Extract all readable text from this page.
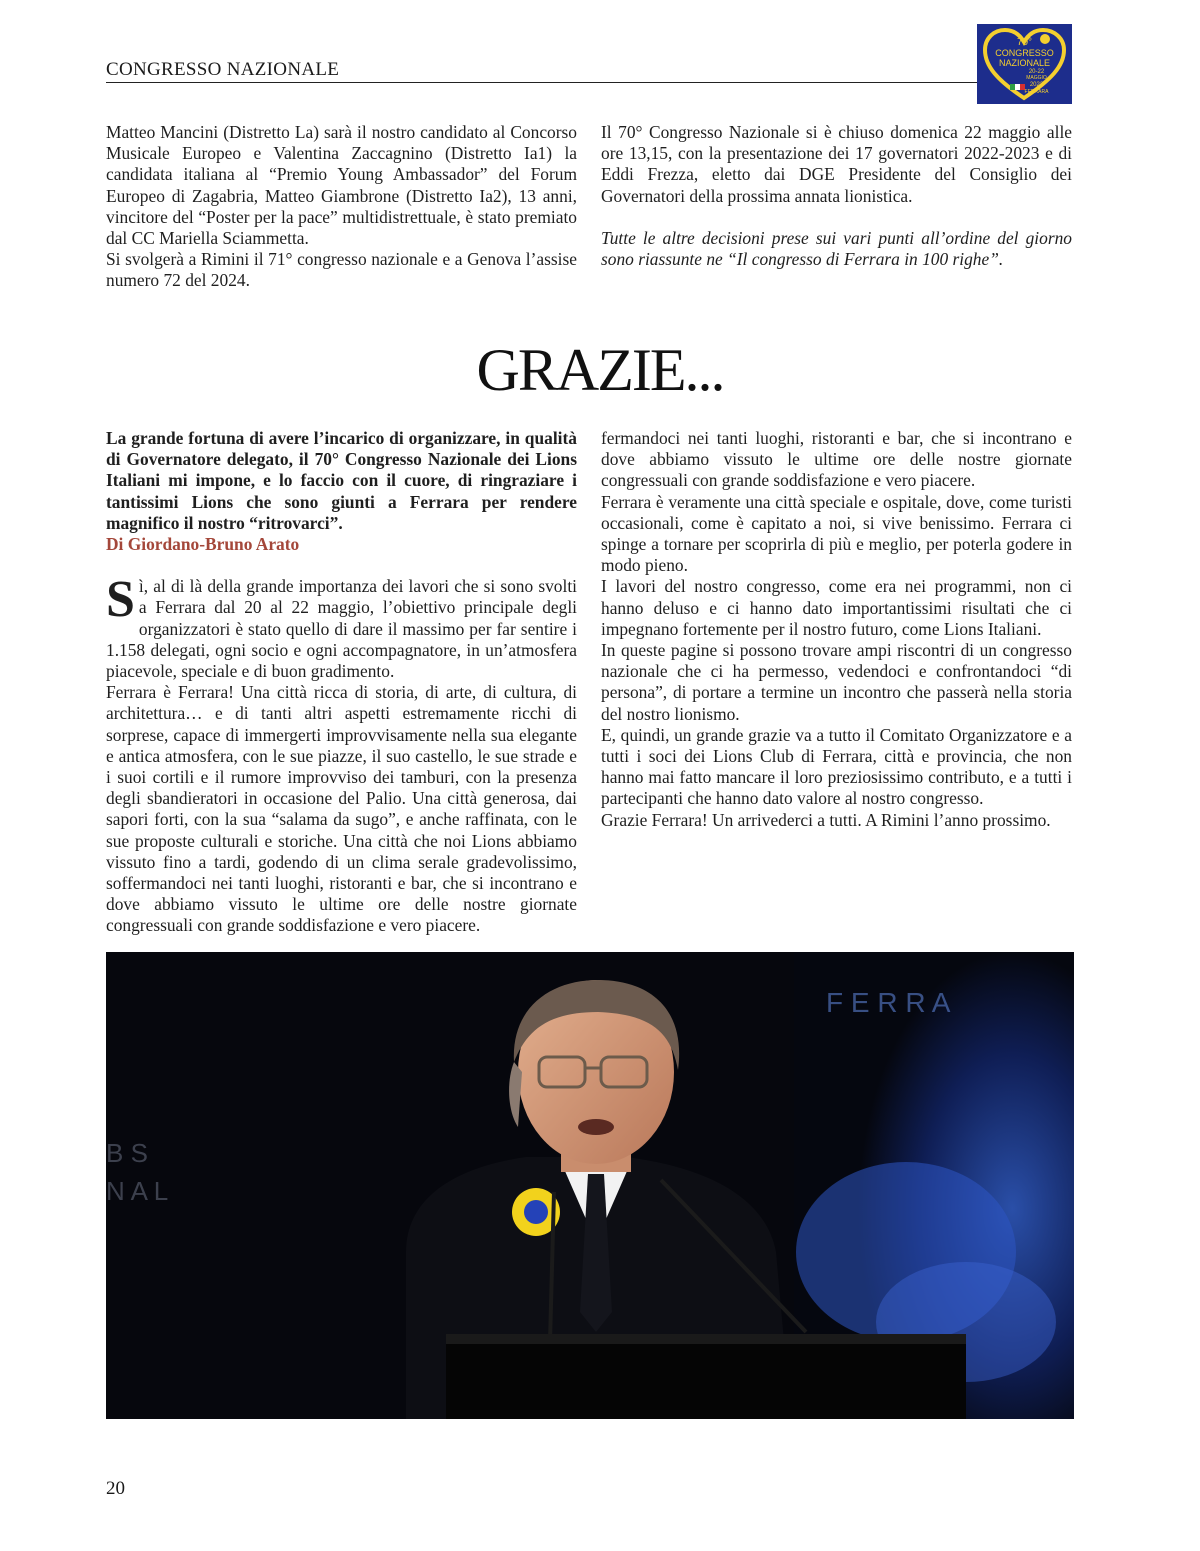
CONGRESSO NAZIONALE
70°
CONGRESSO
NAZIONALE
20-22
MAGGIO
2022
FERRARA

Matteo Mancini (Distretto La) sarà il nostro candidato al Concorso Musicale Europeo e Valentina Zaccagnino (Distretto Ia1) la candidata italiana al “Premio Young Ambassador” del Forum Europeo di Zagabria, Matteo Giambrone (Distretto Ia2), 13 anni, vincitore del “Poster per la pace” multidistrettuale, è stato premiato dal CC Mariella Sciammetta.

Si svolgerà a Rimini il 71° congresso nazionale e a Genova l’assise numero 72 del 2024.

Il 70° Congresso Nazionale si è chiuso domenica 22 maggio alle ore 13,15, con la presentazione dei 17 governatori 2022-2023 e di Eddi Frezza, eletto dai DGE Presidente del Consiglio dei Governatori della prossima annata lionistica.

Tutte le altre decisioni prese sui vari punti all’ordine del giorno sono riassunte ne “Il congresso di Ferrara in 100 righe”.

GRAZIE...

La grande fortuna di avere l’incarico di organizzare, in qualità di Governatore delegato, il 70° Congresso Nazionale dei Lions Italiani mi impone, e lo faccio con il cuore, di ringraziare i tantissimi Lions che sono giunti a Ferrara per rendere magnifico il nostro “ritrovarci”.

Di Giordano-Bruno Arato

Sì, al di là della grande importanza dei lavori che si sono svolti a Ferrara dal 20 al 22 maggio, l’obiettivo principale degli organizzatori è stato quello di dare il massimo per far sentire i 1.158 delegati, ogni socio e ogni accompagnatore, in un’atmosfera piacevole, speciale e di buon gradimento.

Ferrara è Ferrara! Una città ricca di storia, di arte, di cultura, di architettura… e di tanti altri aspetti estremamente ricchi di sorprese, capace di immergerti improvvisamente nella sua elegante e antica atmosfera, con le sue piazze, il suo castello, le sue strade e i suoi cortili e il rumore improvviso dei tamburi, con la presenza degli sbandieratori in occasione del Palio. Una città generosa, dai sapori forti, con la sua “salama da sugo”, e anche raffinata, con le sue proposte culturali e storiche. Una città che noi Lions abbiamo vissuto fino a tardi, godendo di un clima serale gradevolissimo, soffermandoci nei tanti luoghi, ristoranti e bar, che si incontrano e dove abbiamo vissuto le ultime ore delle nostre giornate congressuali con grande soddisfazione e vero piacere.

fermandoci nei tanti luoghi, ristoranti e bar, che si incontrano e dove abbiamo vissuto le ultime ore delle nostre giornate congressuali con grande soddisfazione e vero piacere.

Ferrara è veramente una città speciale e ospitale, dove, come turisti occasionali, come è capitato a noi, si vive benissimo. Ferrara ci spinge a tornare per scoprirla di più e meglio, per poterla godere in modo pieno.

I lavori del nostro congresso, come era nei programmi, non ci hanno deluso e ci hanno dato importantissimi risultati che ci impegnano fortemente per il nostro futuro, come Lions Italiani.

In queste pagine si possono trovare ampi riscontri di un congresso nazionale che ci ha permesso, vedendoci e confrontandoci “di persona”, di portare a termine un incontro che passerà nella storia del nostro lionismo.

E, quindi, un grande grazie va a tutto il Comitato Organizzatore e a tutti i soci dei Lions Club di Ferrara, città e provincia, che non hanno mai fatto mancare il loro preziosissimo contributo, e a tutti i partecipanti che hanno dato valore al nostro congresso.

Grazie Ferrara! Un arrivederci a tutti. A Rimini l’anno prossimo.

F E R R A
B S
N A L
20
